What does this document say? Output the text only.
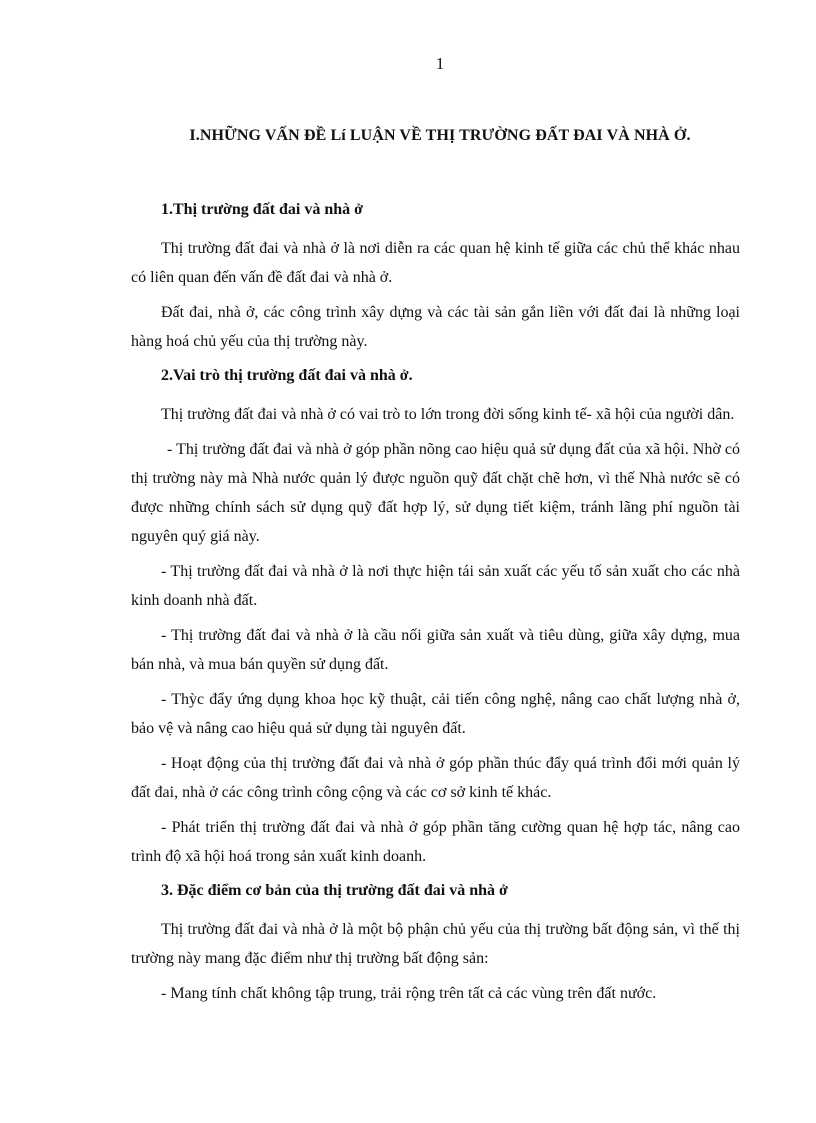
1
I.NHỮNG VẤN ĐỀ Lí LUẬN VỀ THỊ TRƯỜNG ĐẤT ĐAI VÀ NHÀ Ở.
1.Thị trường đất đai và nhà ở
Thị trường đất đai và nhà ở là nơi diễn ra các quan hệ kinh tế giữa các chủ thể khác nhau có liên quan đến vấn đề đất đai và nhà ở.
Đất đai, nhà ở, các công trình xây dựng và các tài sản gắn liền với đất đai là những loại hàng hoá chủ yếu của thị trường này.
2.Vai trò thị trường đất đai và nhà ở.
Thị trường đất đai và nhà ở có vai trò to lớn trong đời sống kinh tế- xã hội của người dân.
- Thị trường đất đai và nhà ở góp phần nõng cao hiệu quả sử dụng đất của xã hội. Nhờ có thị trường này mà Nhà nước quản lý được nguồn quỹ đất chặt chẽ hơn, vì thế Nhà nước sẽ có được những chính sách sử dụng quỹ đất hợp lý, sử dụng tiết kiệm, tránh lãng phí nguồn tài nguyên quý giá này.
- Thị trường đất đai và nhà ở là nơi thực hiện tái sản xuất các yếu tố sản xuất cho các nhà kinh doanh nhà đất.
- Thị trường đất đai và nhà ở là cầu nối giữa sản xuất và tiêu dùng, giữa xây dựng, mua bán nhà, và mua bán quyền sử dụng đất.
- Thỳc đẩy ứng dụng khoa học kỹ thuật, cải tiến công nghệ, nâng cao chất lượng nhà ở, bảo vệ và nâng cao hiệu quả sử dụng tài nguyên đất.
- Hoạt động của thị trường đất đai và nhà ở góp phần thúc đẩy quá trình đổi mới quản lý đất đai, nhà ở các công trình công cộng và các cơ sở kinh tế khác.
- Phát triển thị trường đất đai và nhà ở góp phần tăng cường quan hệ hợp tác, nâng cao trình độ xã hội hoá trong sản xuất kinh doanh.
3. Đặc điểm cơ bản của thị trường đất đai và nhà ở
Thị trường đất đai và nhà ở là một bộ phận chủ yếu của thị trường bất động sản, vì thế thị trường này mang đặc điểm như thị trường bất động sản:
- Mang tính chất không tập trung, trải rộng trên tất cả các vùng trên đất nước.
